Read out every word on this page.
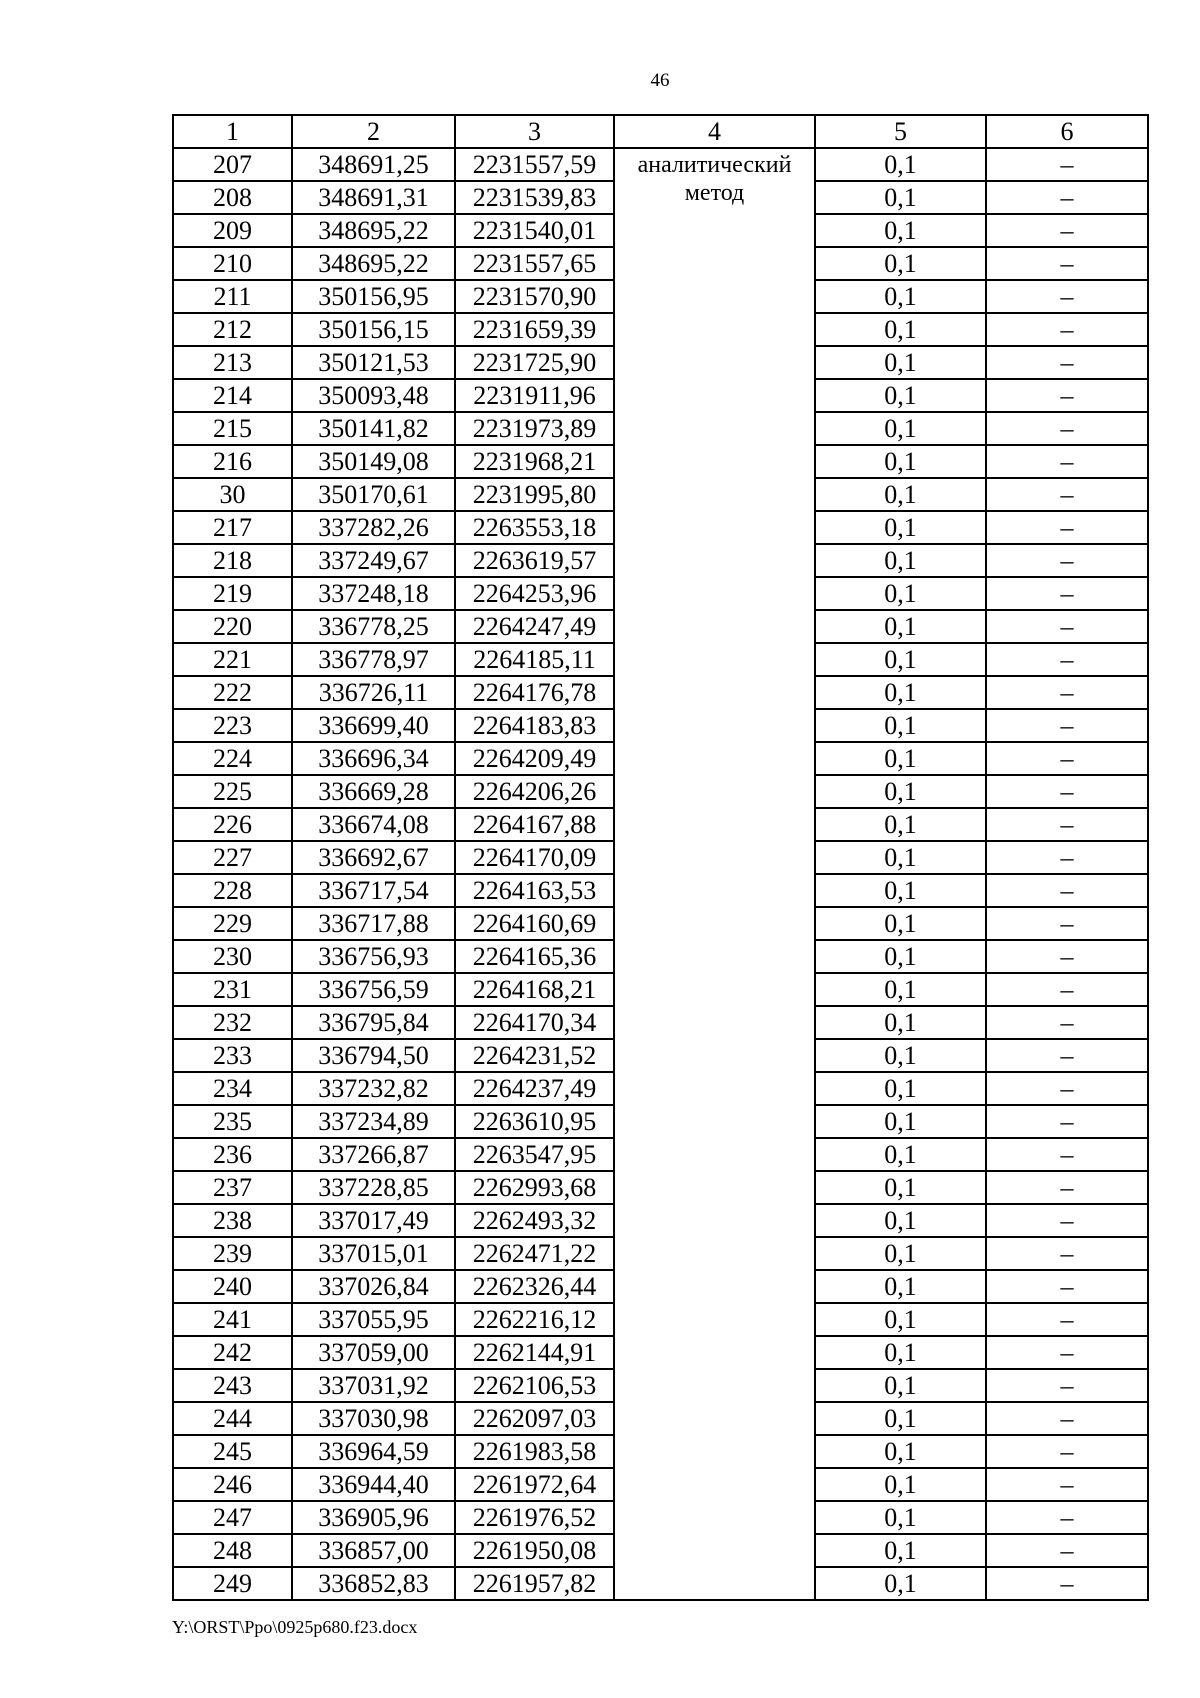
46
1	2	3	4	5	6
207	348691,25	2231557,59	аналитический метод	0,1	–
208	348691,31	2231539,83		0,1	–
209	348695,22	2231540,01		0,1	–
210	348695,22	2231557,65		0,1	–
211	350156,95	2231570,90		0,1	–
212	350156,15	2231659,39		0,1	–
213	350121,53	2231725,90		0,1	–
214	350093,48	2231911,96		0,1	–
215	350141,82	2231973,89		0,1	–
216	350149,08	2231968,21		0,1	–
30	350170,61	2231995,80		0,1	–
217	337282,26	2263553,18		0,1	–
218	337249,67	2263619,57		0,1	–
219	337248,18	2264253,96		0,1	–
220	336778,25	2264247,49		0,1	–
221	336778,97	2264185,11		0,1	–
222	336726,11	2264176,78		0,1	–
223	336699,40	2264183,83		0,1	–
224	336696,34	2264209,49		0,1	–
225	336669,28	2264206,26		0,1	–
226	336674,08	2264167,88		0,1	–
227	336692,67	2264170,09		0,1	–
228	336717,54	2264163,53		0,1	–
229	336717,88	2264160,69		0,1	–
230	336756,93	2264165,36		0,1	–
231	336756,59	2264168,21		0,1	–
232	336795,84	2264170,34		0,1	–
233	336794,50	2264231,52		0,1	–
234	337232,82	2264237,49		0,1	–
235	337234,89	2263610,95		0,1	–
236	337266,87	2263547,95		0,1	–
237	337228,85	2262993,68		0,1	–
238	337017,49	2262493,32		0,1	–
239	337015,01	2262471,22		0,1	–
240	337026,84	2262326,44		0,1	–
241	337055,95	2262216,12		0,1	–
242	337059,00	2262144,91		0,1	–
243	337031,92	2262106,53		0,1	–
244	337030,98	2262097,03		0,1	–
245	336964,59	2261983,58		0,1	–
246	336944,40	2261972,64		0,1	–
247	336905,96	2261976,52		0,1	–
248	336857,00	2261950,08		0,1	–
249	336852,83	2261957,82		0,1	–
Y:\ORST\Ppo\0925p680.f23.docx
